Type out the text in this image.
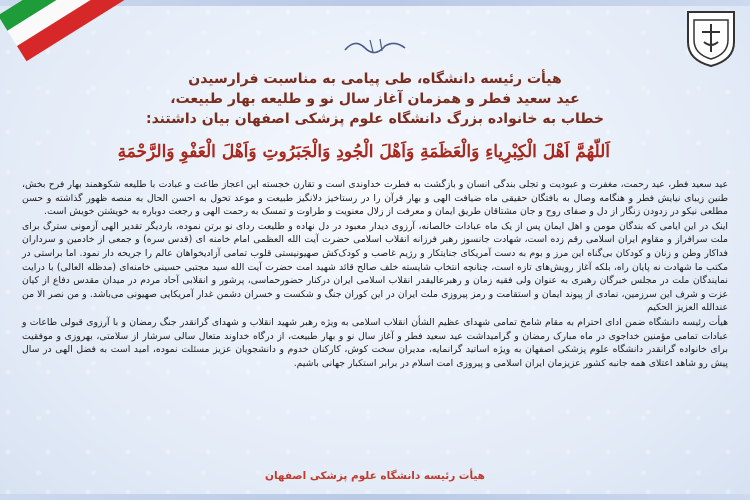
هیأت رئیسه دانشگاه، طی پیامی به مناسبت فرارسیدن
عید سعید فطر و همزمان آغاز سال نو و طلیعه بهار طبیعت،
خطاب به خانواده بزرگ دانشگاه علوم پزشکی اصفهان بیان داشتند:
اَللّهُمَّ اَهْلَ الْکِبْرِیاءِ وَالْعَظَمَةِ وَاَهْلَ الْجُودِ وَالْجَبَرُوتِ وَاَهْلَ الْعَفْوِ وَالرَّحْمَةِ

عید سعید فطر، عید رحمت، مغفرت و عبودیت و تجلی بندگی انسان و بازگشت به فطرت خداوندی است و تقارن خجسته این اعجاز طاعت و عبادت با طلیعه شکوهمند بهار فرح بخش، طنین زیبای نیایش فطر و هنگامه وصال به بافتگان حقیقی ماه ضیافت الهی و بهار قرآن را در رستاخیز دلانگیز طبیعت و موعد تحول به احسن الحال به منصه ظهور گذاشته و حسن مطلعی نیکو در زدودن زنگار از دل و صفای روح و جان مشتاقان طریق ایمان و معرفت از زلال معنویت و طراوت و تمسک به رحمت الهی و رجعت دوباره به خویشتن خویش است.

اینک در این ایامی که بندگان مومن و اهل ایمان پس از یک ماه عبادات خالصانه، آرزوی دیدار معبود در دل نهاده و طلیعت ردای نو برتن نموده، باردیگر تقدیر الهی آزمونی سترگ برای ملت سرافراز و مقاوم ایران اسلامی رقم زده است، شهادت جانسوز رهبر فرزانه انقلاب اسلامی حضرت آیت الله العظمی امام خامنه ای (قدس سره) و جمعی از خادمین و سرداران فداکار وطن و زنان و کودکان بی‌گناه این مرز و بوم به دست آمریکای جنایتکار و رژیم غاصب و کودک‌کش صهیونیستی قلوب تمامی آزادیخواهان عالم را جریحه دار نمود. اما براستی در مکتب ما شهادت نه پایان راه، بلکه آغاز رویش‌های تازه است، چنانچه انتخاب شایسته خلف صالح قائد شهید امت حضرت آیت الله سید مجتبی حسینی خامنه‌ای (مدظله العالی) با درایت نمایندگان ملت در مجلس خبرگان رهبری به عنوان ولی فقیه زمان و رهبرعالیقدر انقلاب اسلامی ایران درکنار حضورحماسی، پرشور و انقلابی آحاد مردم در میدان مقدس دفاع از کیان عزت و شرف این سرزمین، نمادی از پیوند ایمان و استقامت و رمز پیروزی ملت ایران در این کوران جنگ و شکست و خسران دشمن غدار آمریکایی صهیونی می‌باشد. و من نصر الا من عندالله العزیز الحکیم

هیأت رئیسه دانشگاه ضمن ادای احترام به مقام شامخ تمامی شهدای عظیم الشأن انقلاب اسلامی به ویژه رهبر شهید انقلاب و شهدای گرانقدر جنگ رمضان و با آرزوی قبولی طاعات و عبادات تمامی مؤمنین خداجوی در ماه مبارک رمضان و گرامیداشت عید سعید فطر و آغاز سال نو و بهار طبیعت، از درگاه خداوند متعال سالی سرشار از سلامتی، بهروزی و موفقیت برای خانواده گرانقدر دانشگاه علوم پزشکی اصفهان به ویژه اساتید گرانمایه، مدیران سخت کوش، کارکنان خدوم و دانشجویان عزیز مسئلت نموده، امید است به فضل الهی در سال پیش رو شاهد اعتلای همه جانبه کشور عزیزمان ایران اسلامی و پیروزی امت اسلام در برابر استکبار جهانی باشیم.

هیأت رئیسه دانشگاه علوم پزشکی اصفهان
